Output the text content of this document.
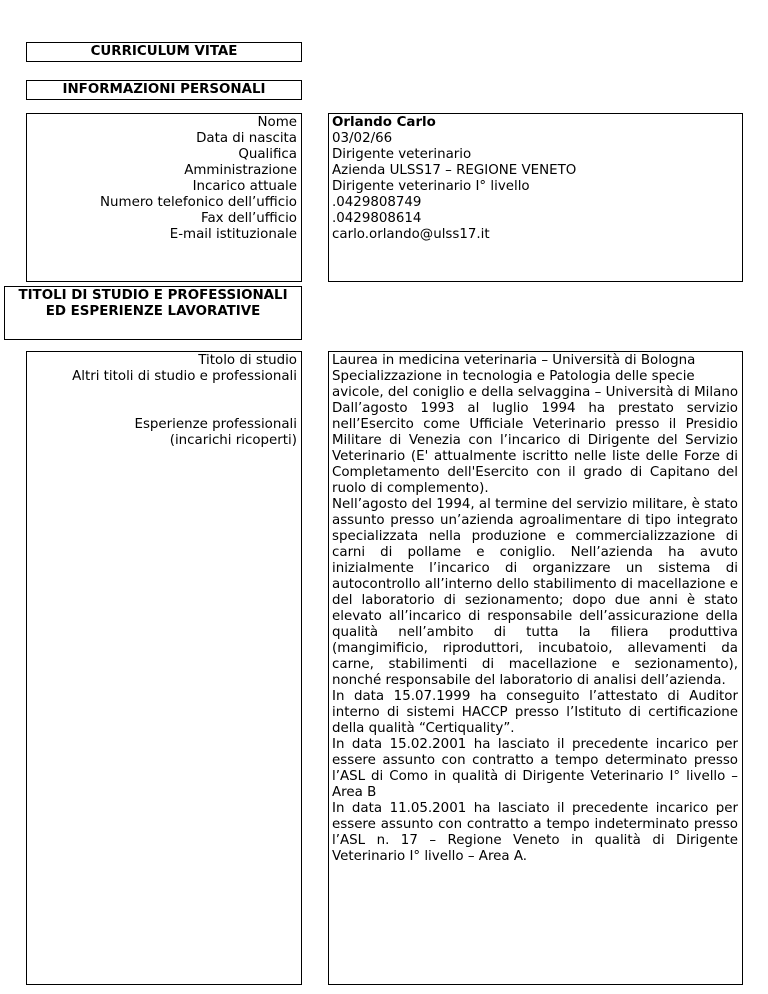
CURRICULUM VITAE
INFORMAZIONI PERSONALI
Nome
Data di nascita
Qualifica
Amministrazione
Incarico attuale
Numero telefonico dell’ufficio
Fax dell’ufficio
E-mail istituzionale
Orlando Carlo
03/02/66
Dirigente veterinario
Azienda ULSS17 – REGIONE VENETO
Dirigente veterinario I° livello
.0429808749
.0429808614
carlo.orlando@ulss17.it
TITOLI DI STUDIO E PROFESSIONALI ED ESPERIENZE LAVORATIVE
Titolo di studio
Altri titoli di studio e professionali
Esperienze professionali (incarichi ricoperti)

Laurea in medicina veterinaria – Università di Bologna

Specializzazione in tecnologia e Patologia delle specie avicole, del coniglio e della selvaggina – Università di Milano

Dall’agosto 1993 al luglio 1994 ha prestato servizio nell’Esercito come Ufficiale Veterinario presso il Presidio Militare di Venezia con l’incarico di Dirigente del Servizio Veterinario (E' attualmente iscritto nelle liste delle Forze di Completamento dell'Esercito con il grado di Capitano del ruolo di complemento).

Nell’agosto del 1994, al termine del servizio militare, è stato assunto presso un’azienda agroalimentare di tipo integrato specializzata nella produzione e commercializzazione di carni di pollame e coniglio. Nell’azienda ha avuto inizialmente l’incarico di organizzare un sistema di autocontrollo all’interno dello stabilimento di macellazione e del laboratorio di sezionamento; dopo due anni è stato elevato all’incarico di responsabile dell’assicurazione della qualità nell’ambito di tutta la filiera produttiva (mangimificio, riproduttori, incubatoio, allevamenti da carne, stabilimenti di macellazione e sezionamento), nonché responsabile del laboratorio di analisi dell’azienda.

In data 15.07.1999 ha conseguito l’attestato di Auditor interno di sistemi HACCP presso l’Istituto di certificazione della qualità “Certiquality”.

In data 15.02.2001 ha lasciato il precedente incarico per essere assunto con contratto a tempo determinato presso l’ASL di Como in qualità di Dirigente Veterinario I° livello – Area B

In data 11.05.2001 ha lasciato il precedente incarico per essere assunto con contratto a tempo indeterminato presso l’ASL n. 17 – Regione Veneto in qualità di Dirigente Veterinario I° livello – Area A.
